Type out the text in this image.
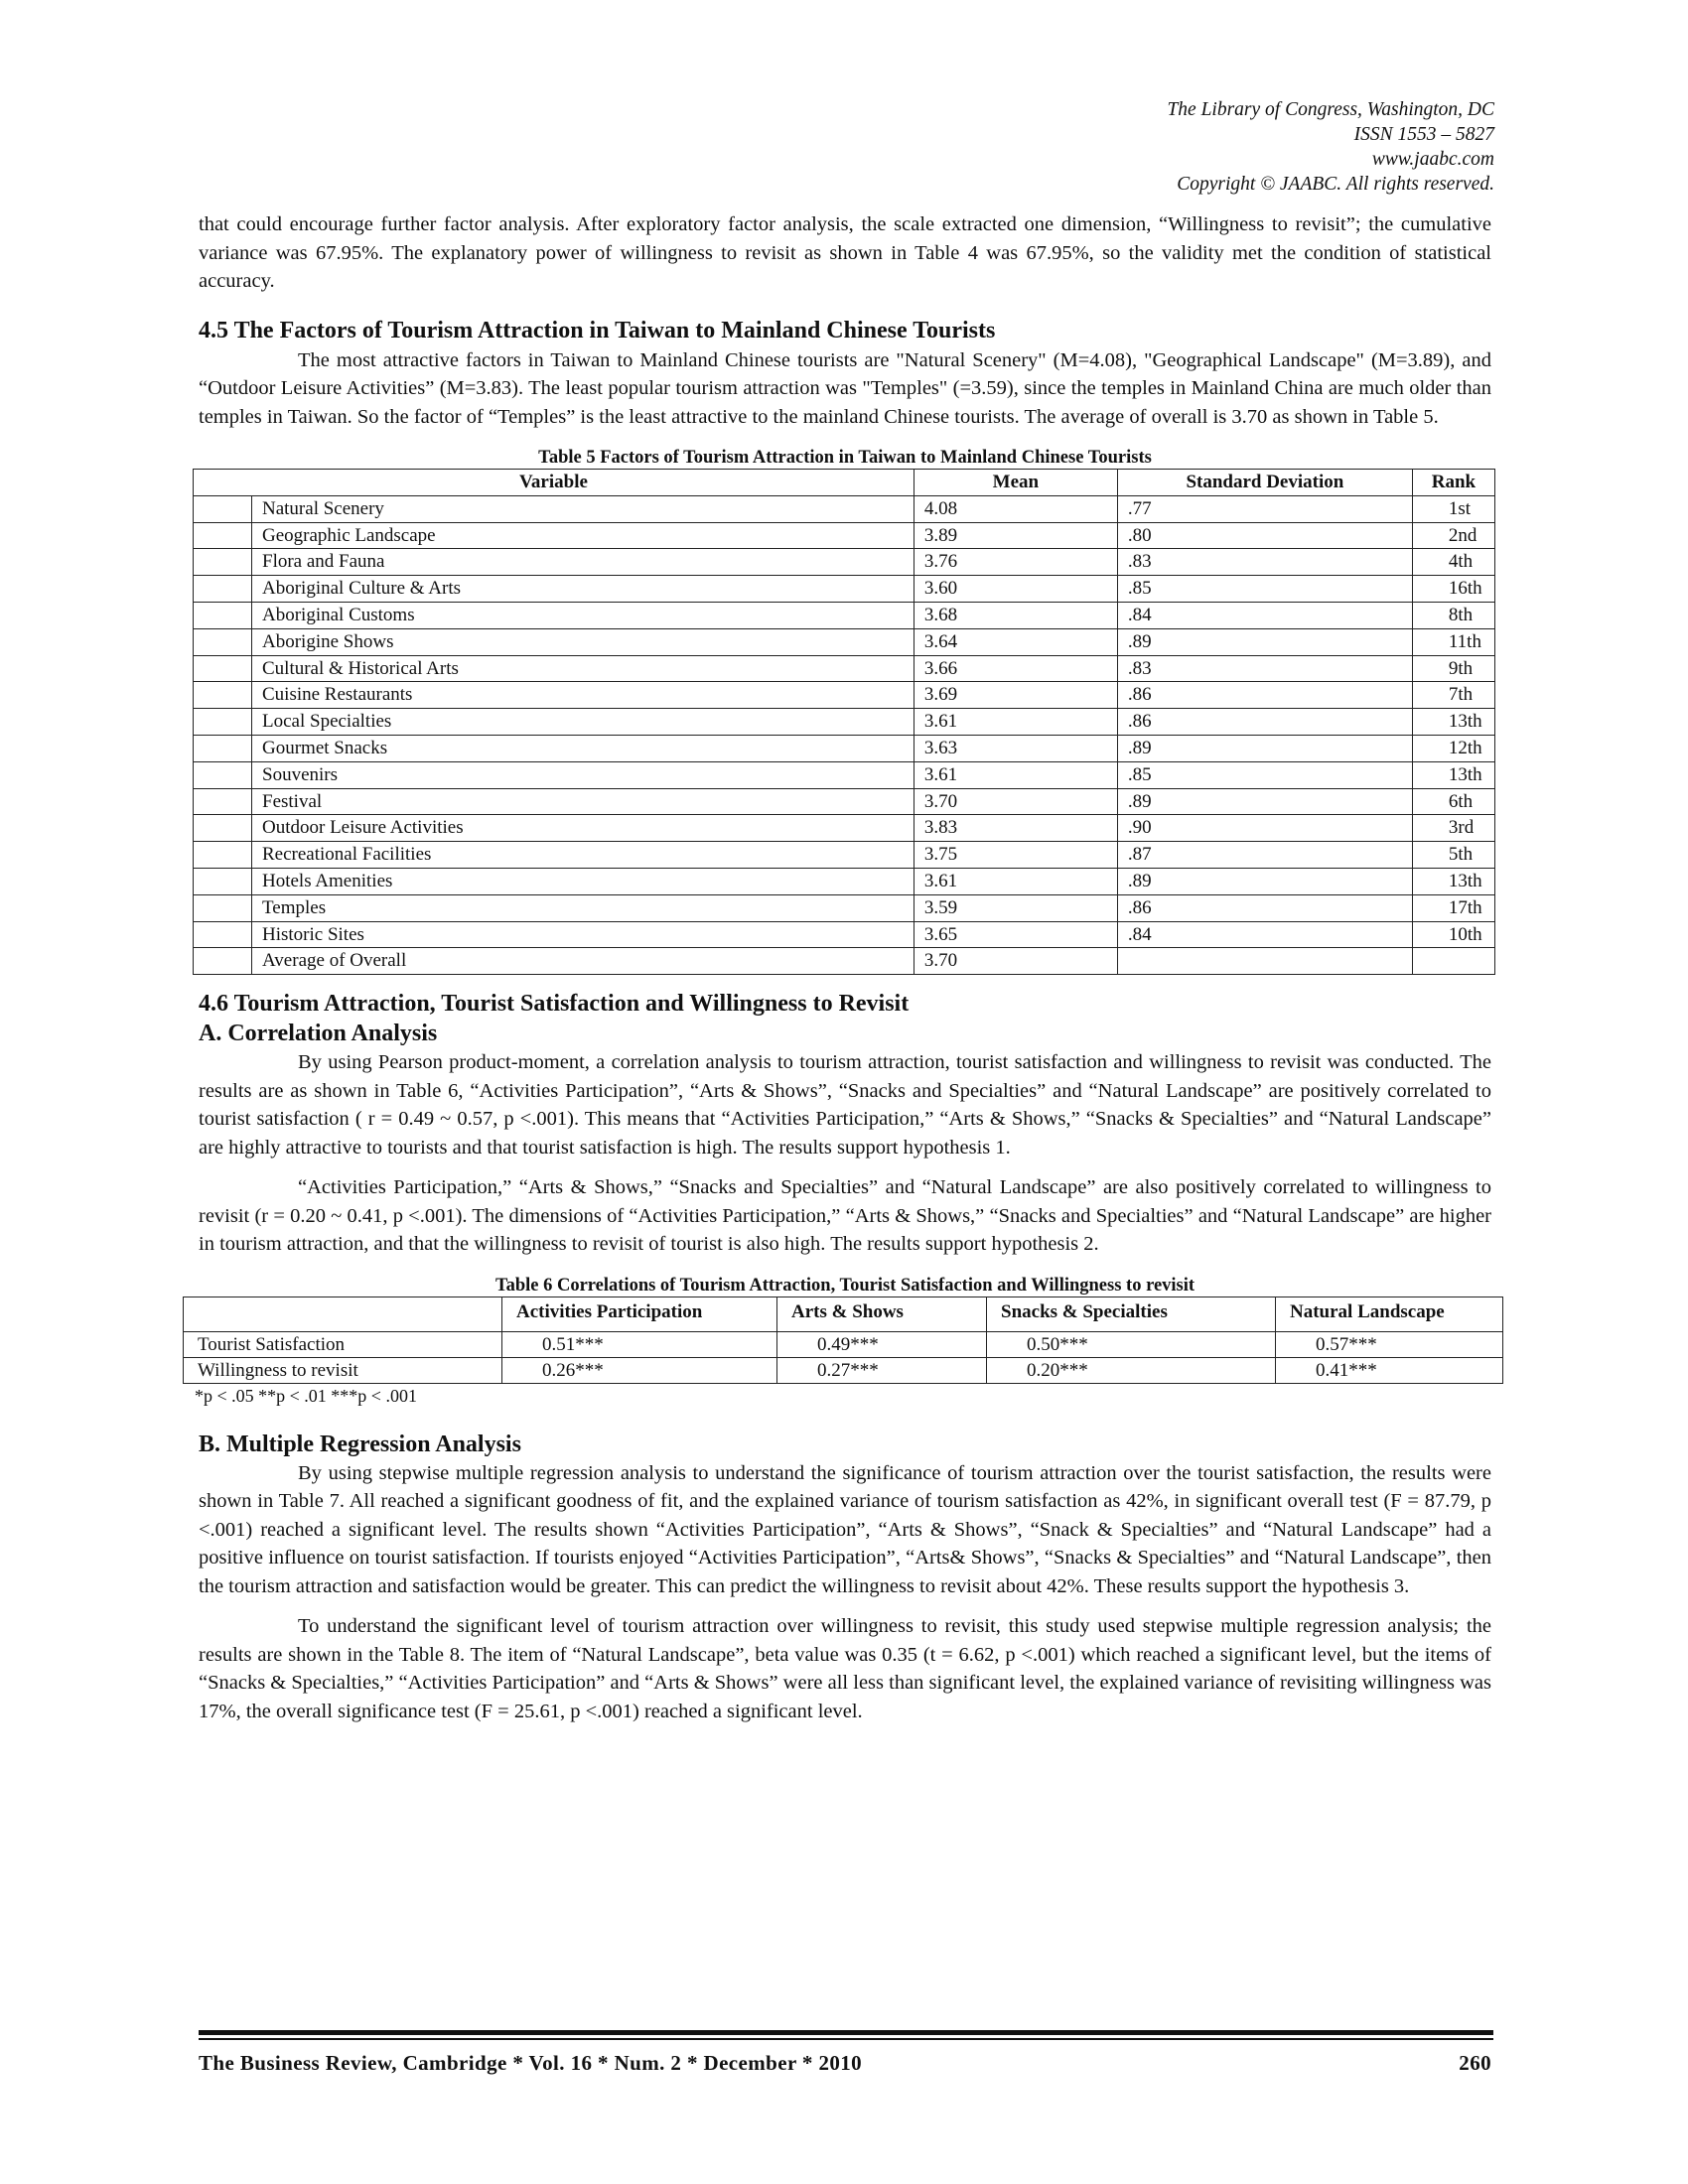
The Library of Congress, Washington, DC
ISSN 1553 – 5827
www.jaabc.com
Copyright © JAABC. All rights reserved.

that could encourage further factor analysis. After exploratory factor analysis, the scale extracted one dimension, “Willingness to revisit”; the cumulative variance was 67.95%. The explanatory power of willingness to revisit as shown in Table 4 was 67.95%, so the validity met the condition of statistical accuracy.

4.5 The Factors of Tourism Attraction in Taiwan to Mainland Chinese Tourists

The most attractive factors in Taiwan to Mainland Chinese tourists are "Natural Scenery" (M=4.08), "Geographical Landscape" (M=3.89), and “Outdoor Leisure Activities” (M=3.83). The least popular tourism attraction was "Temples" (=3.59), since the temples in Mainland China are much older than temples in Taiwan. So the factor of “Temples” is the least attractive to the mainland Chinese tourists. The average of overall is 3.70 as shown in Table 5.

Table 5 Factors of Tourism Attraction in Taiwan to Mainland Chinese Tourists
Variable		Mean	Standard Deviation	Rank
	Natural Scenery	4.08	.77	1st
	Geographic Landscape	3.89	.80	2nd
	Flora and Fauna	3.76	.83	4th
	Aboriginal Culture & Arts	3.60	.85	16th
	Aboriginal Customs	3.68	.84	8th
	Aborigine Shows	3.64	.89	11th
	Cultural & Historical Arts	3.66	.83	9th
	Cuisine Restaurants	3.69	.86	7th
	Local Specialties	3.61	.86	13th
	Gourmet Snacks	3.63	.89	12th
	Souvenirs	3.61	.85	13th
	Festival	3.70	.89	6th
	Outdoor Leisure Activities	3.83	.90	3rd
	Recreational Facilities	3.75	.87	5th
	Hotels Amenities	3.61	.89	13th
	Temples	3.59	.86	17th
	Historic Sites	3.65	.84	10th
	Average of Overall	3.70		
4.6 Tourism Attraction, Tourist Satisfaction and Willingness to Revisit
A. Correlation Analysis

By using Pearson product-moment, a correlation analysis to tourism attraction, tourist satisfaction and willingness to revisit was conducted. The results are as shown in Table 6, “Activities Participation”, “Arts & Shows”, “Snacks and Specialties” and “Natural Landscape” are positively correlated to tourist satisfaction ( r = 0.49 ~ 0.57, p <.001). This means that “Activities Participation,” “Arts & Shows,” “Snacks & Specialties” and “Natural Landscape” are highly attractive to tourists and that tourist satisfaction is high. The results support hypothesis 1.

“Activities Participation,” “Arts & Shows,” “Snacks and Specialties” and “Natural Landscape” are also positively correlated to willingness to revisit (r = 0.20 ~ 0.41, p <.001). The dimensions of “Activities Participation,” “Arts & Shows,” “Snacks and Specialties” and “Natural Landscape” are higher in tourism attraction, and that the willingness to revisit of tourist is also high. The results support hypothesis 2.

Table 6 Correlations of Tourism Attraction, Tourist Satisfaction and Willingness to revisit
	Activities Participation	Arts & Shows	Snacks & Specialties	Natural Landscape
Tourist Satisfaction	0.51***	0.49***	0.50***	0.57***
Willingness to revisit	0.26***	0.27***	0.20***	0.41***
*p < .05 **p < .01 ***p < .001
B. Multiple Regression Analysis

By using stepwise multiple regression analysis to understand the significance of tourism attraction over the tourist satisfaction, the results were shown in Table 7. All reached a significant goodness of fit, and the explained variance of tourism satisfaction as 42%, in significant overall test (F = 87.79, p <.001) reached a significant level. The results shown “Activities Participation”, “Arts & Shows”, “Snack & Specialties” and “Natural Landscape” had a positive influence on tourist satisfaction. If tourists enjoyed “Activities Participation”, “Arts& Shows”, “Snacks & Specialties” and “Natural Landscape”, then the tourism attraction and satisfaction would be greater. This can predict the willingness to revisit about 42%. These results support the hypothesis 3.

To understand the significant level of tourism attraction over willingness to revisit, this study used stepwise multiple regression analysis; the results are shown in the Table 8. The item of “Natural Landscape”, beta value was 0.35 (t = 6.62, p <.001) which reached a significant level, but the items of “Snacks & Specialties,” “Activities Participation” and “Arts & Shows” were all less than significant level, the explained variance of revisiting willingness was 17%, the overall significance test (F = 25.61, p <.001) reached a significant level.

The Business Review, Cambridge * Vol. 16 * Num. 2 * December * 2010	260
